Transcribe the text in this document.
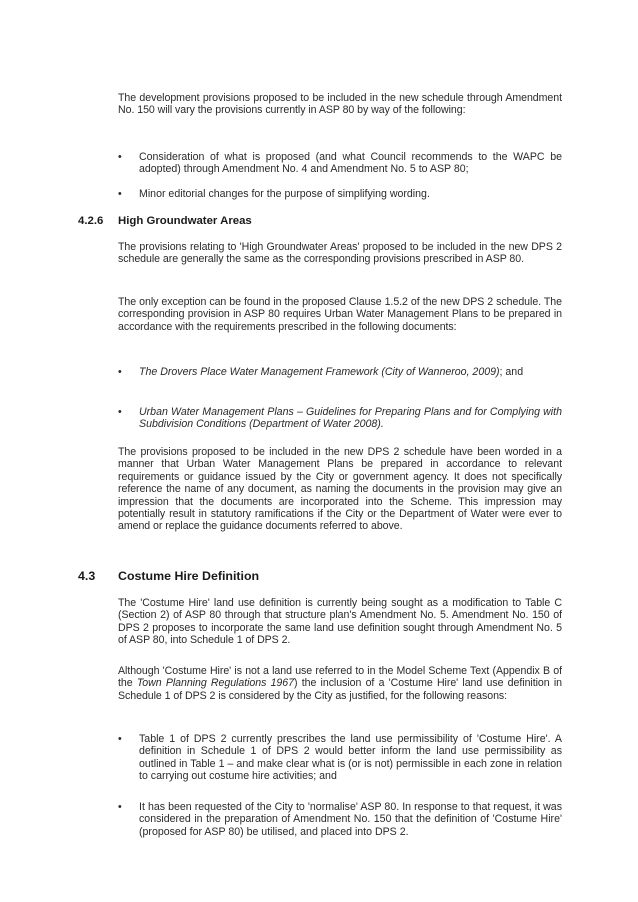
The development provisions proposed to be included in the new schedule through Amendment No. 150 will vary the provisions currently in ASP 80 by way of the following:

•	Consideration of what is proposed (and what Council recommends to the WAPC be adopted) through Amendment No. 4 and Amendment No. 5 to ASP 80;

•	Minor editorial changes for the purpose of simplifying wording.

4.2.6 High Groundwater Areas

The provisions relating to 'High Groundwater Areas' proposed to be included in the new DPS 2 schedule are generally the same as the corresponding provisions prescribed in ASP 80.

The only exception can be found in the proposed Clause 1.5.2 of the new DPS 2 schedule. The corresponding provision in ASP 80 requires Urban Water Management Plans to be prepared in accordance with the requirements prescribed in the following documents:

•	The Drovers Place Water Management Framework (City of Wanneroo, 2009); and

•	Urban Water Management Plans – Guidelines for Preparing Plans and for Complying with Subdivision Conditions (Department of Water 2008).

The provisions proposed to be included in the new DPS 2 schedule have been worded in a manner that Urban Water Management Plans be prepared in accordance to relevant requirements or guidance issued by the City or government agency. It does not specifically reference the name of any document, as naming the documents in the provision may give an impression that the documents are incorporated into the Scheme. This impression may potentially result in statutory ramifications if the City or the Department of Water were ever to amend or replace the guidance documents referred to above.

4.3 Costume Hire Definition

The 'Costume Hire' land use definition is currently being sought as a modification to Table C (Section 2) of ASP 80 through that structure plan's Amendment No. 5. Amendment No. 150 of DPS 2 proposes to incorporate the same land use definition sought through Amendment No. 5 of ASP 80, into Schedule 1 of DPS 2.

Although 'Costume Hire' is not a land use referred to in the Model Scheme Text (Appendix B of the Town Planning Regulations 1967) the inclusion of a 'Costume Hire' land use definition in Schedule 1 of DPS 2 is considered by the City as justified, for the following reasons:

•	Table 1 of DPS 2 currently prescribes the land use permissibility of 'Costume Hire'. A definition in Schedule 1 of DPS 2 would better inform the land use permissibility as outlined in Table 1 – and make clear what is (or is not) permissible in each zone in relation to carrying out costume hire activities; and

•	It has been requested of the City to 'normalise' ASP 80. In response to that request, it was considered in the preparation of Amendment No. 150 that the definition of 'Costume Hire' (proposed for ASP 80) be utilised, and placed into DPS 2.
